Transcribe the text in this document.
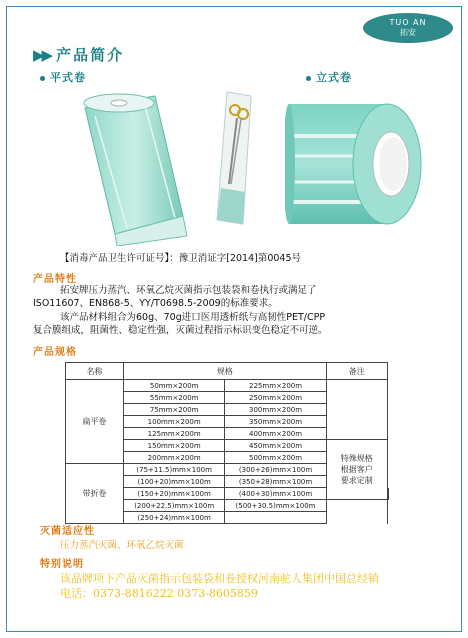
TUO AN
拓安
▶▶ 产品简介
平式卷	立式卷
【消毒产品卫生许可证号】：豫卫消证字[2014]第0045号
产品特性
拓安牌压力蒸汽、环氧乙烷灭菌指示包装袋和卷执行或满足了
ISO11607、EN868-5、YY/T0698.5-2009的标准要求。
该产品材料组合为60g、70g进口医用透析纸与高韧性PET/CPP
复合膜组成，阻菌性、稳定性强，灭菌过程指示标识变色稳定不可逆。
产品规格
名称	规格		备注	
扁平卷	50mm×200m	225mm×200m		
	55mm×200m	250mm×200m		
	75mm×200m	300mm×200m		
	100mm×200m	350mm×200m		
	125mm×200m	400mm×200m		
	150mm×200m	450mm×200m	特殊规格
根据客户
要求定制	
	200mm×200m	500mm×200m		
带折卷	(75+11.5)mm×100m	(300+26)mm×100m		
	(100+20)mm×100m	(350+28)mm×100m		
	(150+20)mm×100m	(400+30)mm×100m		
	(200+22.5)mm×100m	(500+30.5)mm×100m		
	(250+24)mm×100m			
灭菌适应性
压力蒸汽灭菌、环氧乙烷灭菌
特别说明
该品牌项下产品灭菌指示包装袋和卷授权河南驼人集团中国总经销
电话：0373-8816222 0373-8605859
